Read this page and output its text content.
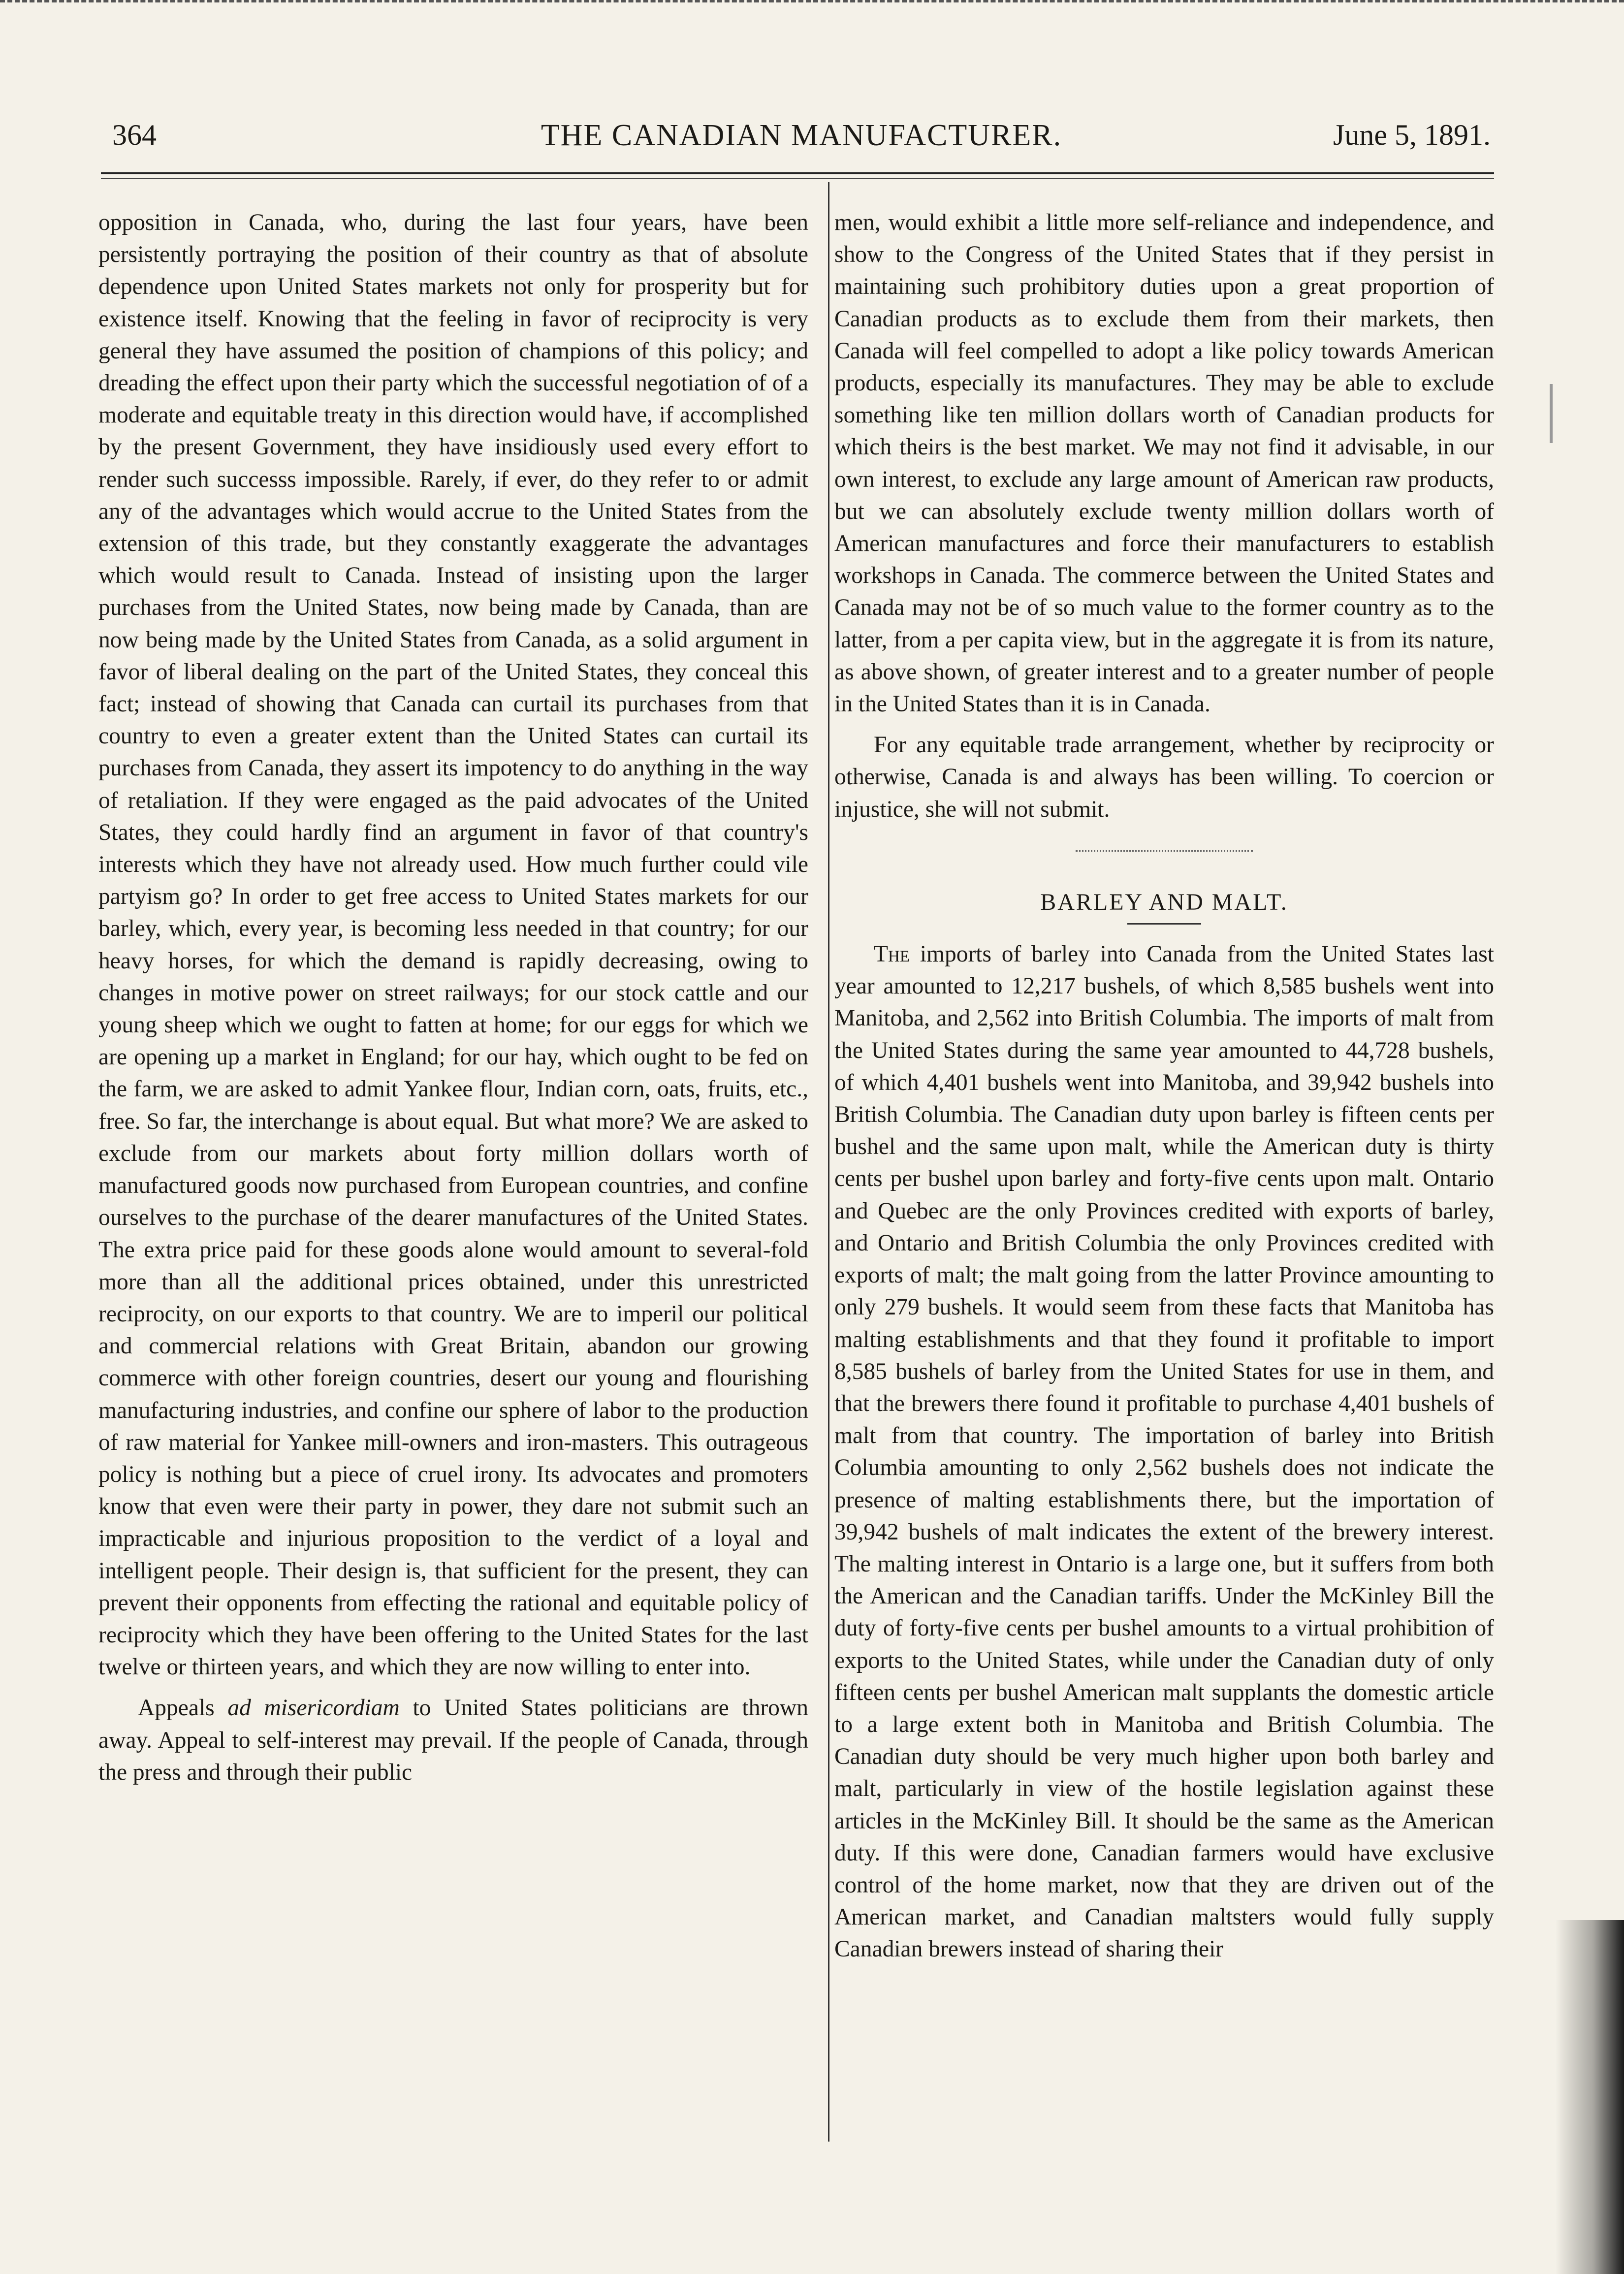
364	THE CANADIAN MANUFACTURER.	June 5, 1891.

opposition in Canada, who, during the last four years, have been persistently portraying the position of their country as that of absolute dependence upon United States markets not only for prosperity but for existence itself. Knowing that the feeling in favor of reciprocity is very general they have assumed the position of champions of this policy; and dreading the effect upon their party which the successful negotiation of of a moderate and equitable treaty in this direction would have, if accomplished by the present Government, they have insidiously used every effort to render such successs impossible. Rarely, if ever, do they refer to or admit any of the advantages which would accrue to the United States from the extension of this trade, but they constantly exaggerate the advantages which would result to Canada. Instead of insisting upon the larger purchases from the United States, now being made by Canada, than are now being made by the United States from Canada, as a solid argument in favor of liberal dealing on the part of the United States, they conceal this fact; instead of showing that Canada can curtail its purchases from that country to even a greater extent than the United States can curtail its purchases from Canada, they assert its impotency to do anything in the way of retaliation. If they were engaged as the paid advocates of the United States, they could hardly find an argument in favor of that country's interests which they have not already used. How much further could vile partyism go? In order to get free access to United States markets for our barley, which, every year, is becoming less needed in that country; for our heavy horses, for which the demand is rapidly decreasing, owing to changes in motive power on street railways; for our stock cattle and our young sheep which we ought to fatten at home; for our eggs for which we are opening up a market in England; for our hay, which ought to be fed on the farm, we are asked to admit Yankee flour, Indian corn, oats, fruits, etc., free. So far, the interchange is about equal. But what more? We are asked to exclude from our markets about forty million dollars worth of manufactured goods now purchased from European countries, and confine ourselves to the purchase of the dearer manufactures of the United States. The extra price paid for these goods alone would amount to several-fold more than all the additional prices obtained, under this unrestricted reciprocity, on our exports to that country. We are to imperil our political and commercial relations with Great Britain, abandon our growing commerce with other foreign countries, desert our young and flourishing manufacturing industries, and confine our sphere of labor to the production of raw material for Yankee mill-owners and iron-masters. This outrageous policy is nothing but a piece of cruel irony. Its advocates and promoters know that even were their party in power, they dare not submit such an impracticable and injurious proposition to the verdict of a loyal and intelligent people. Their design is, that sufficient for the present, they can prevent their opponents from effecting the rational and equitable policy of reciprocity which they have been offering to the United States for the last twelve or thirteen years, and which they are now willing to enter into.

Appeals ad misericordiam to United States politicians are thrown away. Appeal to self-interest may prevail. If the people of Canada, through the press and through their public

men, would exhibit a little more self-reliance and independence, and show to the Congress of the United States that if they persist in maintaining such prohibitory duties upon a great proportion of Canadian products as to exclude them from their markets, then Canada will feel compelled to adopt a like policy towards American products, especially its manufactures. They may be able to exclude something like ten million dollars worth of Canadian products for which theirs is the best market. We may not find it advisable, in our own interest, to exclude any large amount of American raw products, but we can absolutely exclude twenty million dollars worth of American manufactures and force their manufacturers to establish workshops in Canada. The commerce between the United States and Canada may not be of so much value to the former country as to the latter, from a per capita view, but in the aggregate it is from its nature, as above shown, of greater interest and to a greater number of people in the United States than it is in Canada.

For any equitable trade arrangement, whether by reciprocity or otherwise, Canada is and always has been willing. To coercion or injustice, she will not submit.

BARLEY AND MALT.

The imports of barley into Canada from the United States last year amounted to 12,217 bushels, of which 8,585 bushels went into Manitoba, and 2,562 into British Columbia. The imports of malt from the United States during the same year amounted to 44,728 bushels, of which 4,401 bushels went into Manitoba, and 39,942 bushels into British Columbia. The Canadian duty upon barley is fifteen cents per bushel and the same upon malt, while the American duty is thirty cents per bushel upon barley and forty-five cents upon malt. Ontario and Quebec are the only Provinces credited with exports of barley, and Ontario and British Columbia the only Provinces credited with exports of malt; the malt going from the latter Province amounting to only 279 bushels. It would seem from these facts that Manitoba has malting establishments and that they found it profitable to import 8,585 bushels of barley from the United States for use in them, and that the brewers there found it profitable to purchase 4,401 bushels of malt from that country. The importation of barley into British Columbia amounting to only 2,562 bushels does not indicate the presence of malting establishments there, but the importation of 39,942 bushels of malt indicates the extent of the brewery interest. The malting interest in Ontario is a large one, but it suffers from both the American and the Canadian tariffs. Under the McKinley Bill the duty of forty-five cents per bushel amounts to a virtual prohibition of exports to the United States, while under the Canadian duty of only fifteen cents per bushel American malt supplants the domestic article to a large extent both in Manitoba and British Columbia. The Canadian duty should be very much higher upon both barley and malt, particularly in view of the hostile legislation against these articles in the McKinley Bill. It should be the same as the American duty. If this were done, Canadian farmers would have exclusive control of the home market, now that they are driven out of the American market, and Canadian maltsters would fully supply Canadian brewers instead of sharing their
